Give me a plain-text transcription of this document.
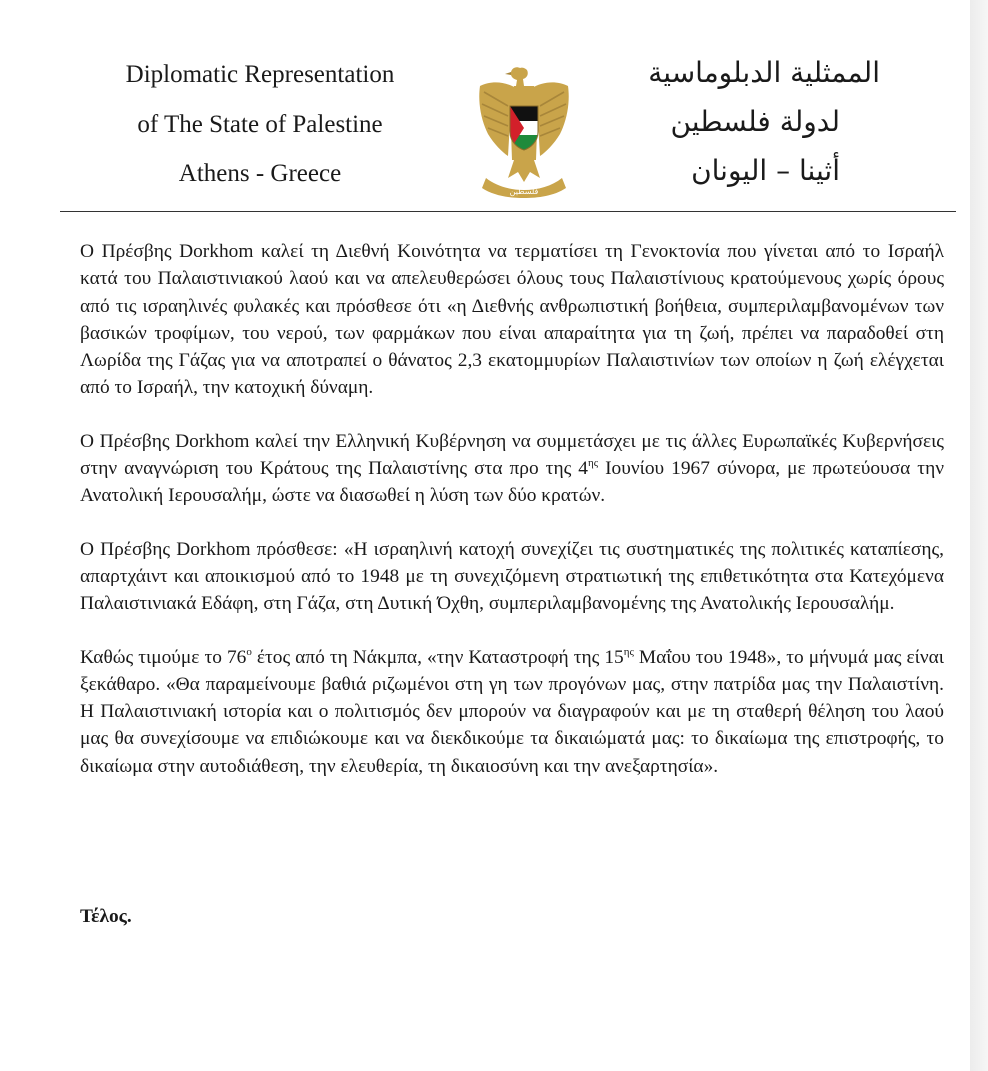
Diplomatic Representation
of The State of Palestine
Athens - Greece
فلسطين
الممثلية الدبلوماسية
لدولة فلسطين
أثينا – اليونان

Ο Πρέσβης Dorkhom καλεί τη Διεθνή Κοινότητα να τερματίσει τη Γενοκτονία που γίνεται από το Ισραήλ κατά του Παλαιστινιακού λαού και να απελευθερώσει όλους τους Παλαιστίνιους κρατούμενους χωρίς όρους από τις ισραηλινές φυλακές και πρόσθεσε ότι «η Διεθνής ανθρωπιστική βοήθεια, συμπεριλαμβανομένων των βασικών τροφίμων, του νερού, των φαρμάκων που είναι απαραίτητα για τη ζωή, πρέπει να παραδοθεί στη Λωρίδα της Γάζας για να αποτραπεί ο θάνατος 2,3 εκατομμυρίων Παλαιστινίων των οποίων η ζωή ελέγχεται από το Ισραήλ, την κατοχική δύναμη.

Ο Πρέσβης Dorkhom καλεί την Ελληνική Κυβέρνηση να συμμετάσχει με τις άλλες Ευρωπαϊκές Κυβερνήσεις στην αναγνώριση του Κράτους της Παλαιστίνης στα προ της $4^{\eta\varsigma}$ Ιουνίου 1967 σύνορα, με πρωτεύουσα την Ανατολική Ιερουσαλήμ, ώστε να διασωθεί η λύση των δύο κρατών.

Ο Πρέσβης Dorkhom πρόσθεσε: «Η ισραηλινή κατοχή συνεχίζει τις συστηματικές της πολιτικές καταπίεσης, απαρτχάιντ και αποικισμού από το 1948 με τη συνεχιζόμενη στρατιωτική της επιθετικότητα στα Κατεχόμενα Παλαιστινιακά Εδάφη, στη Γάζα, στη Δυτική Όχθη, συμπεριλαμβανομένης της Ανατολικής Ιερουσαλήμ.

Καθώς τιμούμε το $76^o$ έτος από τη Νάκμπα, «την Καταστροφή της $15^{\eta\varsigma}$ Μαΐου του 1948», το μήνυμά μας είναι ξεκάθαρο. «Θα παραμείνουμε βαθιά ριζωμένοι στη γη των προγόνων μας, στην πατρίδα μας την Παλαιστίνη. Η Παλαιστινιακή ιστορία και ο πολιτισμός δεν μπορούν να διαγραφούν και με τη σταθερή θέληση του λαού μας θα συνεχίσουμε να επιδιώκουμε και να διεκδικούμε τα δικαιώματά μας: το δικαίωμα της επιστροφής, το δικαίωμα στην αυτοδιάθεση, την ελευθερία, τη δικαιοσύνη και την ανεξαρτησία».

Τέλος.
